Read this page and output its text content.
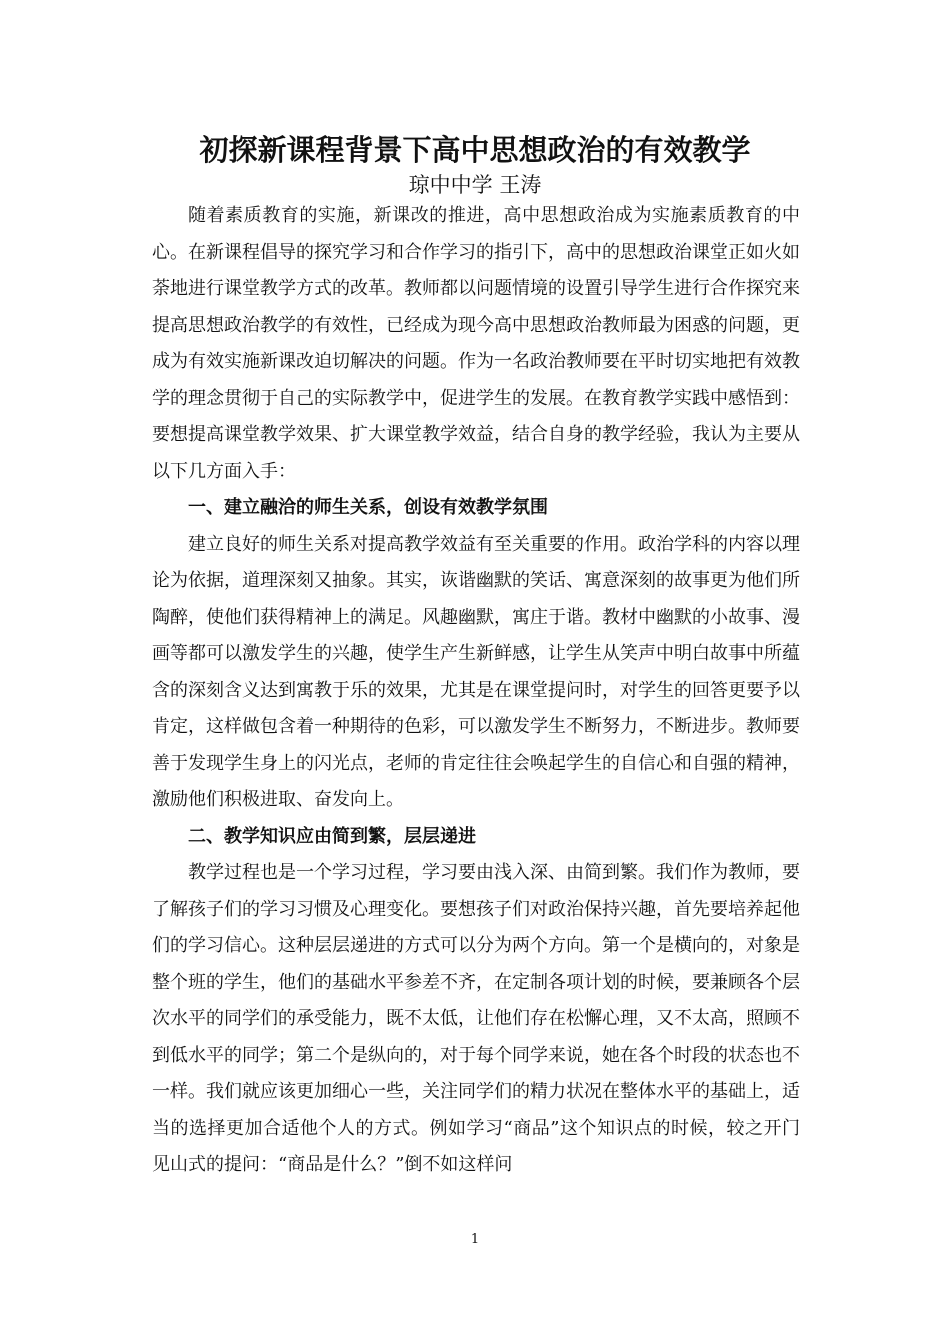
初探新课程背景下高中思想政治的有效教学
琼中中学 王涛

随着素质教育的实施，新课改的推进，高中思想政治成为实施素质教育的中心。在新课程倡导的探究学习和合作学习的指引下，高中的思想政治课堂正如火如荼地进行课堂教学方式的改革。教师都以问题情境的设置引导学生进行合作探究来提高思想政治教学的有效性，已经成为现今高中思想政治教师最为困惑的问题，更成为有效实施新课改迫切解决的问题。作为一名政治教师要在平时切实地把有效教学的理念贯彻于自己的实际教学中，促进学生的发展。在教育教学实践中感悟到：要想提高课堂教学效果、扩大课堂教学效益，结合自身的教学经验，我认为主要从以下几方面入手：

一、建立融洽的师生关系，创设有效教学氛围

建立良好的师生关系对提高教学效益有至关重要的作用。政治学科的内容以理论为依据，道理深刻又抽象。其实，诙谐幽默的笑话、寓意深刻的故事更为他们所陶醉，使他们获得精神上的满足。风趣幽默，寓庄于谐。教材中幽默的小故事、漫画等都可以激发学生的兴趣，使学生产生新鲜感，让学生从笑声中明白故事中所蕴含的深刻含义达到寓教于乐的效果，尤其是在课堂提问时，对学生的回答更要予以肯定，这样做包含着一种期待的色彩，可以激发学生不断努力，不断进步。教师要善于发现学生身上的闪光点，老师的肯定往往会唤起学生的自信心和自强的精神，激励他们积极进取、奋发向上。

二、教学知识应由简到繁，层层递进

教学过程也是一个学习过程，学习要由浅入深、由简到繁。我们作为教师，要了解孩子们的学习习惯及心理变化。要想孩子们对政治保持兴趣，首先要培养起他们的学习信心。这种层层递进的方式可以分为两个方向。第一个是横向的，对象是整个班的学生，他们的基础水平参差不齐，在定制各项计划的时候，要兼顾各个层次水平的同学们的承受能力，既不太低，让他们存在松懈心理，又不太高，照顾不到低水平的同学；第二个是纵向的，对于每个同学来说，她在各个时段的状态也不一样。我们就应该更加细心一些，关注同学们的精力状况在整体水平的基础上，适当的选择更加合适他个人的方式。例如学习“商品”这个知识点的时候，较之开门见山式的提问：“商品是什么？”倒不如这样问

1
